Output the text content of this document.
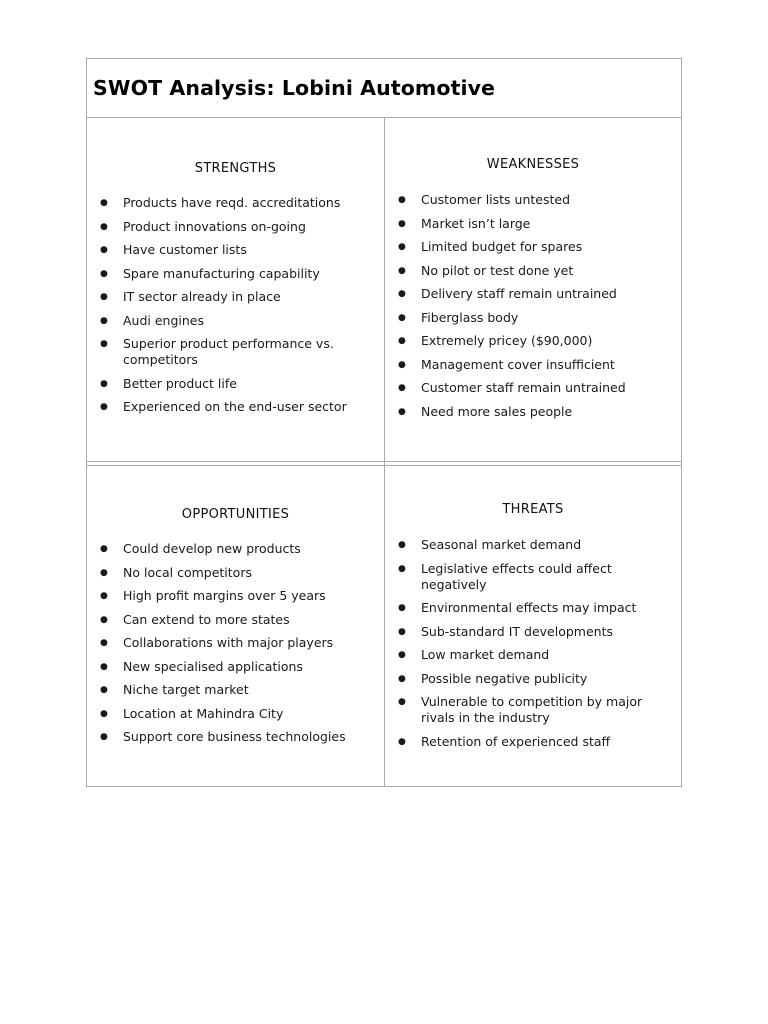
SWOT Analysis: Lobini Automotive
STRENGTHS
● Products have reqd. accreditations
● Product innovations on-going
● Have customer lists
● Spare manufacturing capability
● IT sector already in place
● Audi engines
● Superior product performance vs. competitors
● Better product life
● Experienced on the end-user sector
WEAKNESSES
● Customer lists untested
● Market isn’t large
● Limited budget for spares
● No pilot or test done yet
● Delivery staff remain untrained
● Fiberglass body
● Extremely pricey ($90,000)
● Management cover insufficient
● Customer staff remain untrained
● Need more sales people
OPPORTUNITIES
● Could develop new products
● No local competitors
● High profit margins over 5 years
● Can extend to more states
● Collaborations with major players
● New specialised applications
● Niche target market
● Location at Mahindra City
● Support core business technologies
THREATS
● Seasonal market demand
● Legislative effects could affect negatively
● Environmental effects may impact
● Sub-standard IT developments
● Low market demand
● Possible negative publicity
● Vulnerable to competition by major rivals in the industry
● Retention of experienced staff
